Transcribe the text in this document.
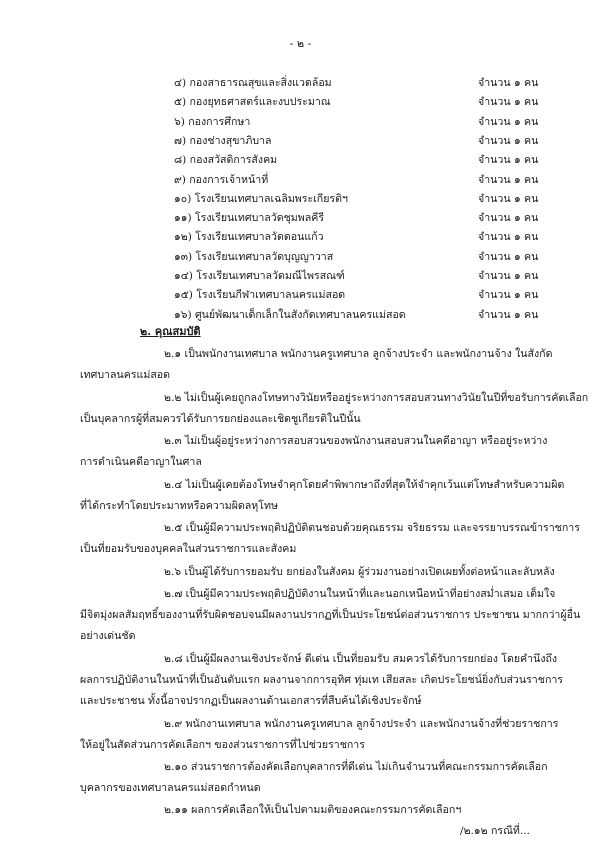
- ๒ -
๔) กองสาธารณสุขและสิ่งแวดล้อม	จำนวน ๑ คน
๕) กองยุทธศาสตร์และงบประมาณ	จำนวน ๑ คน
๖) กองการศึกษา	จำนวน ๑ คน
๗) กองช่างสุขาภิบาล	จำนวน ๑ คน
๘) กองสวัสดิการสังคม	จำนวน ๑ คน
๙) กองการเจ้าหน้าที่	จำนวน ๑ คน
๑๐) โรงเรียนเทศบาลเฉลิมพระเกียรติฯ	จำนวน ๑ คน
๑๑) โรงเรียนเทศบาลวัดชุมพลคีรี	จำนวน ๑ คน
๑๒) โรงเรียนเทศบาลวัดดอนแก้ว	จำนวน ๑ คน
๑๓) โรงเรียนเทศบาลวัดบุญญาวาส	จำนวน ๑ คน
๑๔) โรงเรียนเทศบาลวัดมณีไพรสณฑ์	จำนวน ๑ คน
๑๕) โรงเรียนกีฬาเทศบาลนครแม่สอด	จำนวน ๑ คน
๑๖) ศูนย์พัฒนาเด็กเล็กในสังกัดเทศบาลนครแม่สอด	จำนวน ๑ คน
๒. คุณสมบัติ
๒.๑ เป็นพนักงานเทศบาล พนักงานครูเทศบาล ลูกจ้างประจำ และพนักงานจ้าง ในสังกัด
เทศบาลนครแม่สอด
๒.๒ ไม่เป็นผู้เคยถูกลงโทษทางวินัยหรืออยู่ระหว่างการสอบสวนทางวินัยในปีที่ขอรับการคัดเลือก
เป็นบุคลากรผู้ที่สมควรได้รับการยกย่องและเชิดชูเกียรติในปีนั้น
๒.๓ ไม่เป็นผู้อยู่ระหว่างการสอบสวนของพนักงานสอบสวนในคดีอาญา หรืออยู่ระหว่าง
การดำเนินคดีอาญาในศาล
๒.๔ ไม่เป็นผู้เคยต้องโทษจำคุกโดยคำพิพากษาถึงที่สุดให้จำคุกเว้นแต่โทษสำหรับความผิด
ที่ได้กระทำโดยประมาทหรือความผิดลหุโทษ
๒.๕ เป็นผู้มีความประพฤติปฏิบัติตนชอบด้วยคุณธรรม จริยธรรม และจรรยาบรรณข้าราชการ
เป็นที่ยอมรับของบุคคลในส่วนราชการและสังคม
๒.๖ เป็นผู้ได้รับการยอมรับ ยกย่องในสังคม ผู้ร่วมงานอย่างเปิดเผยทั้งต่อหน้าและลับหลัง
๒.๗ เป็นผู้มีความประพฤติปฏิบัติงานในหน้าที่และนอกเหนือหน้าที่อย่างสม่ำเสมอ เต็มใจ
มีจิตมุ่งผลสัมฤทธิ์ของงานที่รับผิดชอบจนมีผลงานปรากฏที่เป็นประโยชน์ต่อส่วนราชการ ประชาชน มากกว่าผู้อื่น
อย่างเด่นชัด
๒.๘ เป็นผู้มีผลงานเชิงประจักษ์ ดีเด่น เป็นที่ยอมรับ สมควรได้รับการยกย่อง โดยคำนึงถึง
ผลการปฏิบัติงานในหน้าที่เป็นอันดับแรก ผลงานจากการอุทิศ ทุ่มเท เสียสละ เกิดประโยชน์ยิ่งกับส่วนราชการ
และประชาชน ทั้งนี้อาจปรากฏเป็นผลงานด้านเอกสารที่สืบค้นได้เชิงประจักษ์
๒.๙ พนักงานเทศบาล พนักงานครูเทศบาล ลูกจ้างประจำ และพนักงานจ้างที่ช่วยราชการ
ให้อยู่ในสัดส่วนการคัดเลือกฯ ของส่วนราชการที่ไปช่วยราชการ
๒.๑๐ ส่วนราชการต้องคัดเลือกบุคลากรที่ดีเด่น ไม่เกินจำนวนที่คณะกรรมการคัดเลือก
บุคลากรของเทศบาลนครแม่สอดกำหนด
๒.๑๑ ผลการคัดเลือกให้เป็นไปตามมติของคณะกรรมการคัดเลือกฯ
/๒.๑๒ กรณีที่...
